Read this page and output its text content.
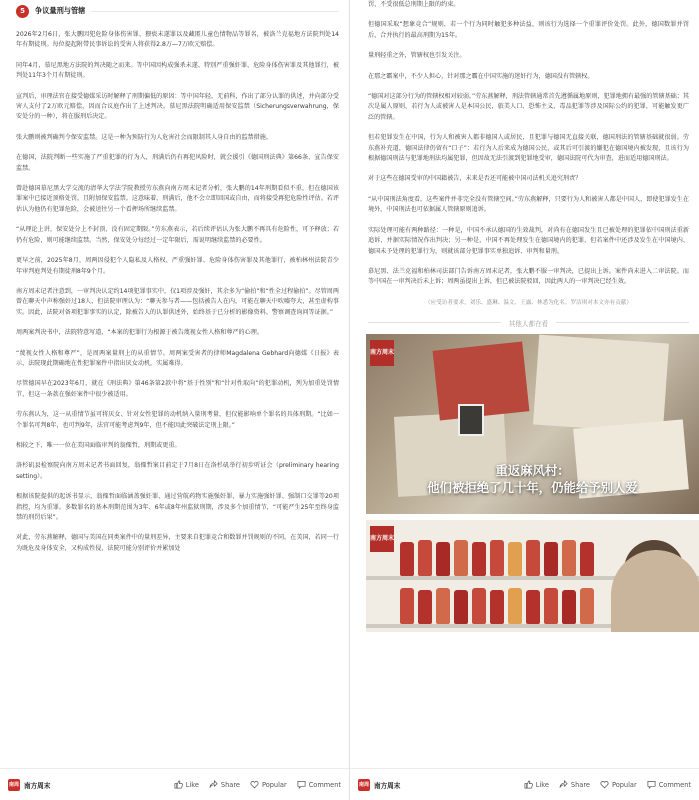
5	争议量刑与管辖

2026年2月6日，张大鹏因犯危险身体伤害罪、猥亵未遂罪以及藏匿儿童色情物品等罪名，被洛兰克福地方法院判处14年有期徒刑。每位提起附带民事诉讼的受害人将获得2.8万—7万欧元赔偿。

同年4月，慕尼黑地方法院的判决随之而来。等中国因构成强杀未遂、特别严重强奸罪、危险身体伤害罪及其他罪行，被判处11年3个月有期徒刑。

宣判后，审理法官在接受德媒采访时解释了刑期偏低的原因：等中国年轻，无前科，作出了部分认罪的供述，并向部分受害人支付了2万欧元赔偿，因而合议庭作出了上述判决。慕尼黑法院明确适用保安监禁（Sicherungsverwahrung，保安处分的一种），将在服刑后决定。

张大鹏则被判确判令保安监禁。这是一种为预防行为人危害社会而限制其人身自由的监禁措施。

在德国，法院判断一些实施了严重犯罪的行为人，刑满后仍有再犯风险时，就会援引《德国刑法典》第66条，宣告保安监禁。

曾赴德国慕尼黑大学交流的清华大学法学院教授劳东燕向南方周末记者分析，张大鹏的14年刑期看似不重，但在德国该罪案中已接近顶格处罚，且附加保安监禁。这意味着，刑满后，他不会立即回国或自由，而将接受再犯危险性评估。若评估认为他仍有犯罪危险，会被送往另一个看押场所继续监禁。

“从理论上讲，保安处分上不封顶，没有固定期限。”劳东燕表示，若后续评估认为张大鹏不再具有危险性，可予释放；若仍有危险，则可能继续监禁。当然，保安处分每经过一定年限后，需说明继续监禁的必要性。

更早之前，2025年8月，周两因侵犯个人隐私及人格权、严重强奸罪、危险身体伤害罪及其他罪行，被柏林州法院青少年审判庭判处有期徒刑8年9个月。

南方周末记者注意到，一审判决认定约14项犯罪事实中，仅1项涉及强奸，其余多为“偷拍”和“性全过程偷拍”。尽管周两曾在聊天中声称强奸过18人，但法院审理认为：“聊天参与者——包括被告人在内，可能在聊天中吹嘘夸大，甚至虚构事实。因此，法院对备项犯罪事实的认定，除被告人的认罪供述外，始终基于已分析的影像资料、警察调查询问等证据。”

周两案判决书中，法院特意写道，“本案的犯罪行为根源于被告蔑视女性人格和尊严的心理。

“蔑视女性人格和尊严”，是周两案量刑上的从重情节。周两案受害者的律师Magdalena Gebhard向德媒《日报》表示，法院现此期确地在性犯罪案件中指出厌女动机，实属难得。

尽管德国早在2023年6月，就在《刑法典》第46条第2款中将“基于性别”和“针对性取向”的犯罪动机，列为加重处罚情节，但这一条款在强奸案件中很少被适用。

劳东燕认为，这一从重情节虽可将厌女、针对女性犯罪的动机纳入量刑考量，但仅能影响单个罪名的具体刑期。“比如一个罪名可判8年，也可判9年，法官可能考虑判9年，但不能因此突破法定刑上限。”

相较之下，唯一一位在美国面临审判的翁傈哲，刑期或更重。

洛杉矶县检察院向南方周末记者书面回复，翁傈哲案目前定于7月8日在洛杉矶举行初步听证会（preliminary hearing setting）。

根据该院提供的起诉书显示，翁傈哲面临涵盖强奸罪、通过营航药物实施强奸罪、暴力实施强奸罪、强制口交罪等20项指控，均为重罪。多数罪名的基本刑期范围为3年、6年或8年州监狱刑期，涉及多个加重情节，“可能严生25年至终身监禁的刑罚后果”。

对此，劳东燕解释，德国与美国在同类案件中的量刑差异，主要来自犯罪竞合和数罪并罚规则的不同。在美国，若同一行为既危及身体安全，又构成性侵，法院可能分别评价并累加处

南周 南方周末	Like	Share	Popular	Comment

罚，不受很低总刑期上限的约束。

但德国采取“想象竞合”规则，若一个行为同时触犯多种法益，则该行为选择一个重罪评价处罚。此外，德国数罪并罚后，合并执行的最高刑期为15年。

量刑轻重之外，管辖权也引发关注。

在那之霸案中，不少人担心，针对那之霸在中国实施的迷奸行为，德国没有管辖权。

“德国对这部分行为的管辖权相对较弱。”劳东燕解释，刑法管辖通常首先遵循属地原则，犯罪地拥有最强的管辖基础；其次是属人原则，若行为人或被害人是本国公民，旅美人口、恐怖主义、毒品犯罪等涉及国际公约的犯罪，可能触发更广泛的管辖。

但若犯罪发生在中国，行为人和被害人都非德国人或居民，且犯罪与德国无直接关联，德国刑法的管辖基础就很弱。劳东燕补充道，德国法律仍留有“口子”：若行为人后来成为德国公民、或其后可引渡的嫌犯在德国境内被发现，且该行为根据德国刑法与犯罪地刑法均属犯罪，但因故无法引渡到犯罪地受审，德国法院可代为审查，进而适用德国刑法。

对于这些在德国受审的中国籍被告，未来是否还可能被中国司法机关追究刑责？

“从中国刑法角度看，这些案件并非完全没有管辖空间。”劳东燕解释，只要行为人和被害人都是中国人，即使犯罪发生在境外，中国刑法也可依据属人管辖原则追诉。

实际处理可能有两种路径：一种是，中国不承认德国的生效裁判，对尚有在德国发生且已被处理的犯罪依中国刑法重新追诉，并据实际情况作出判决；另一种是，中国不再处理发生在德国境内的犯罪，但若案件中还涉及发生在中国境内、德国未予处理的犯罪行为，则就该部分犯罪事实单独追诉、审判和量刑。

慕尼黑、法兰克福和柏林司法部门告诉南方周末记者，张大鹏不服一审判决，已提出上诉。案件尚未进入二审法院。而等中国在一审判决后未上诉；周两虽提出上诉，但已被法院驳回，因此两人的一审判决已经生效。

（应受访者要求，刘乐、盛琳、温文、王露、林悉为化名。罗洁琪对本文亦有贡献）
其他人都在看
南方周末
重返麻风村：
他们被拒绝了几十年，仍能给予别人爱
南方周末
南周 南方周末	Like	Share	Popular	Comment
